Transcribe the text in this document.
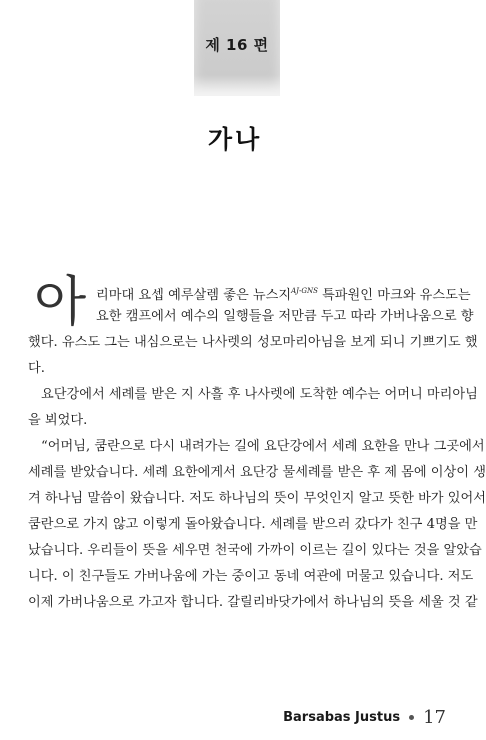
제 16 편
가나
아 리마대 요셉 예루살렘 좋은 뉴스지$^{AJ-GNS}$ 특파원인 마크와 유스도는
요한 캠프에서 예수의 일행들을 저만큼 두고 따라 가버나움으로 향
했다. 유스도 그는 내심으로는 나사렛의 성모마리아님을 보게 되니 기쁘기도 했
다.
요단강에서 세례를 받은 지 사흘 후 나사렛에 도착한 예수는 어머니 마리아님
을 뵈었다.
“어머님, 쿰란으로 다시 내려가는 길에 요단강에서 세례 요한을 만나 그곳에서
세례를 받았습니다. 세례 요한에게서 요단강 물세례를 받은 후 제 몸에 이상이 생
겨 하나님 말씀이 왔습니다. 저도 하나님의 뜻이 무엇인지 알고 뜻한 바가 있어서
쿰란으로 가지 않고 이렇게 돌아왔습니다. 세례를 받으러 갔다가 친구 4명을 만
났습니다. 우리들이 뜻을 세우면 천국에 가까이 이르는 길이 있다는 것을 알았습
니다. 이 친구들도 가버나움에 가는 중이고 동네 여관에 머물고 있습니다. 저도
이제 가버나움으로 가고자 합니다. 갈릴리바닷가에서 하나님의 뜻을 세울 것 같
Barsabas Justus 17
